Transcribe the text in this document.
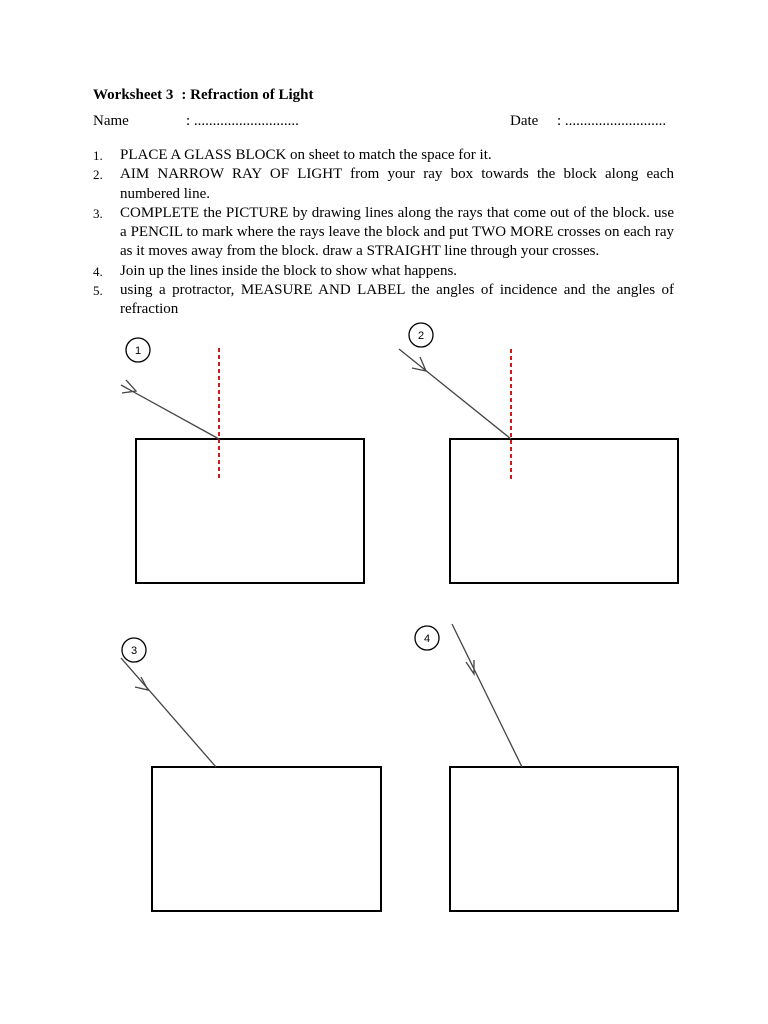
Worksheet 3 : Refraction of Light
Name	: ............................	Date : ...........................
1.	PLACE A GLASS BLOCK on sheet to match the space for it.
2.	AIM NARROW RAY OF LIGHT from your ray box towards the block along each numbered line.
3.	COMPLETE the PICTURE by drawing lines along the rays that come out of the block. use a PENCIL to mark where the rays leave the block and put TWO MORE crosses on each ray as it moves away from the block. draw a STRAIGHT line through your crosses.
4.	Join up the lines inside the block to show what happens.
5.	using a protractor, MEASURE AND LABEL the angles of incidence and the angles of refraction
1
2
3
4
